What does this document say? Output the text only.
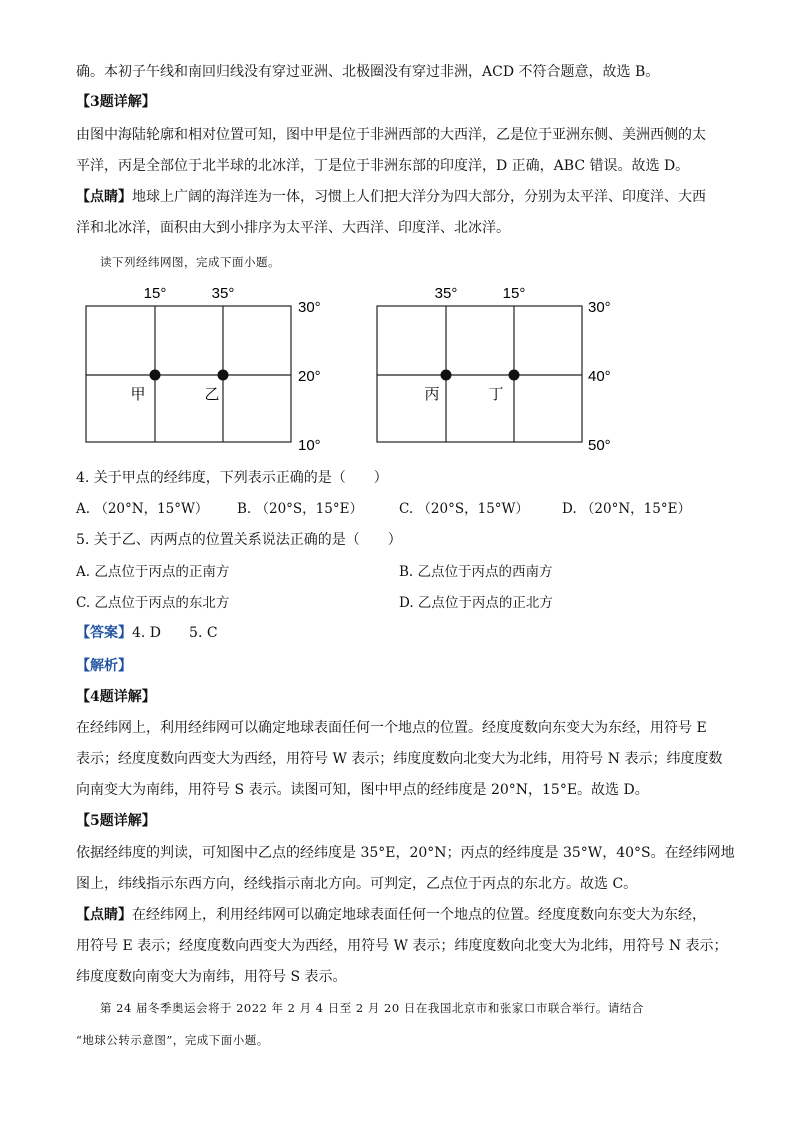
确。本初子午线和南回归线没有穿过亚洲、北极圈没有穿过非洲，ACD 不符合题意，故选 B。
【3题详解】
由图中海陆轮廓和相对位置可知，图中甲是位于非洲西部的大西洋，乙是位于亚洲东侧、美洲西侧的太
平洋，丙是全部位于北半球的北冰洋，丁是位于非洲东部的印度洋，D 正确，ABC 错误。故选 D。
【点睛】地球上广阔的海洋连为一体，习惯上人们把大洋分为四大部分，分别为太平洋、印度洋、大西
洋和北冰洋，面积由大到小排序为太平洋、大西洋、印度洋、北冰洋。
读下列经纬网图，完成下面小题。
15°	35°
30°
20°
10°
甲	乙
35°	15°
30°
40°
50°
丙	丁
4. 关于甲点的经纬度，下列表示正确的是（　　）
A. （20°N，15°W） B. （20°S，15°E）	C. （20°S，15°W） D. （20°N，15°E）
5. 关于乙、丙两点的位置关系说法正确的是（　　）
A. 乙点位于丙点的正南方	B. 乙点位于丙点的西南方
C. 乙点位于丙点的东北方	D. 乙点位于丙点的正北方
【答案】4. D　　5. C
【解析】
【4题详解】
在经纬网上，利用经纬网可以确定地球表面任何一个地点的位置。经度度数向东变大为东经，用符号 E
表示；经度度数向西变大为西经，用符号 W 表示；纬度度数向北变大为北纬，用符号 N 表示；纬度度数
向南变大为南纬，用符号 S 表示。读图可知，图中甲点的经纬度是 20°N，15°E。故选 D。
【5题详解】
依据经纬度的判读，可知图中乙点的经纬度是 35°E，20°N；丙点的经纬度是 35°W，40°S。在经纬网地
图上，纬线指示东西方向，经线指示南北方向。可判定，乙点位于丙点的东北方。故选 C。
【点睛】在经纬网上，利用经纬网可以确定地球表面任何一个地点的位置。经度度数向东变大为东经，
用符号 E 表示；经度度数向西变大为西经，用符号 W 表示；纬度度数向北变大为北纬，用符号 N 表示；
纬度度数向南变大为南纬，用符号 S 表示。
第 24 届冬季奥运会将于 2022 年 2 月 4 日至 2 月 20 日在我国北京市和张家口市联合举行。请结合
“地球公转示意图”，完成下面小题。
